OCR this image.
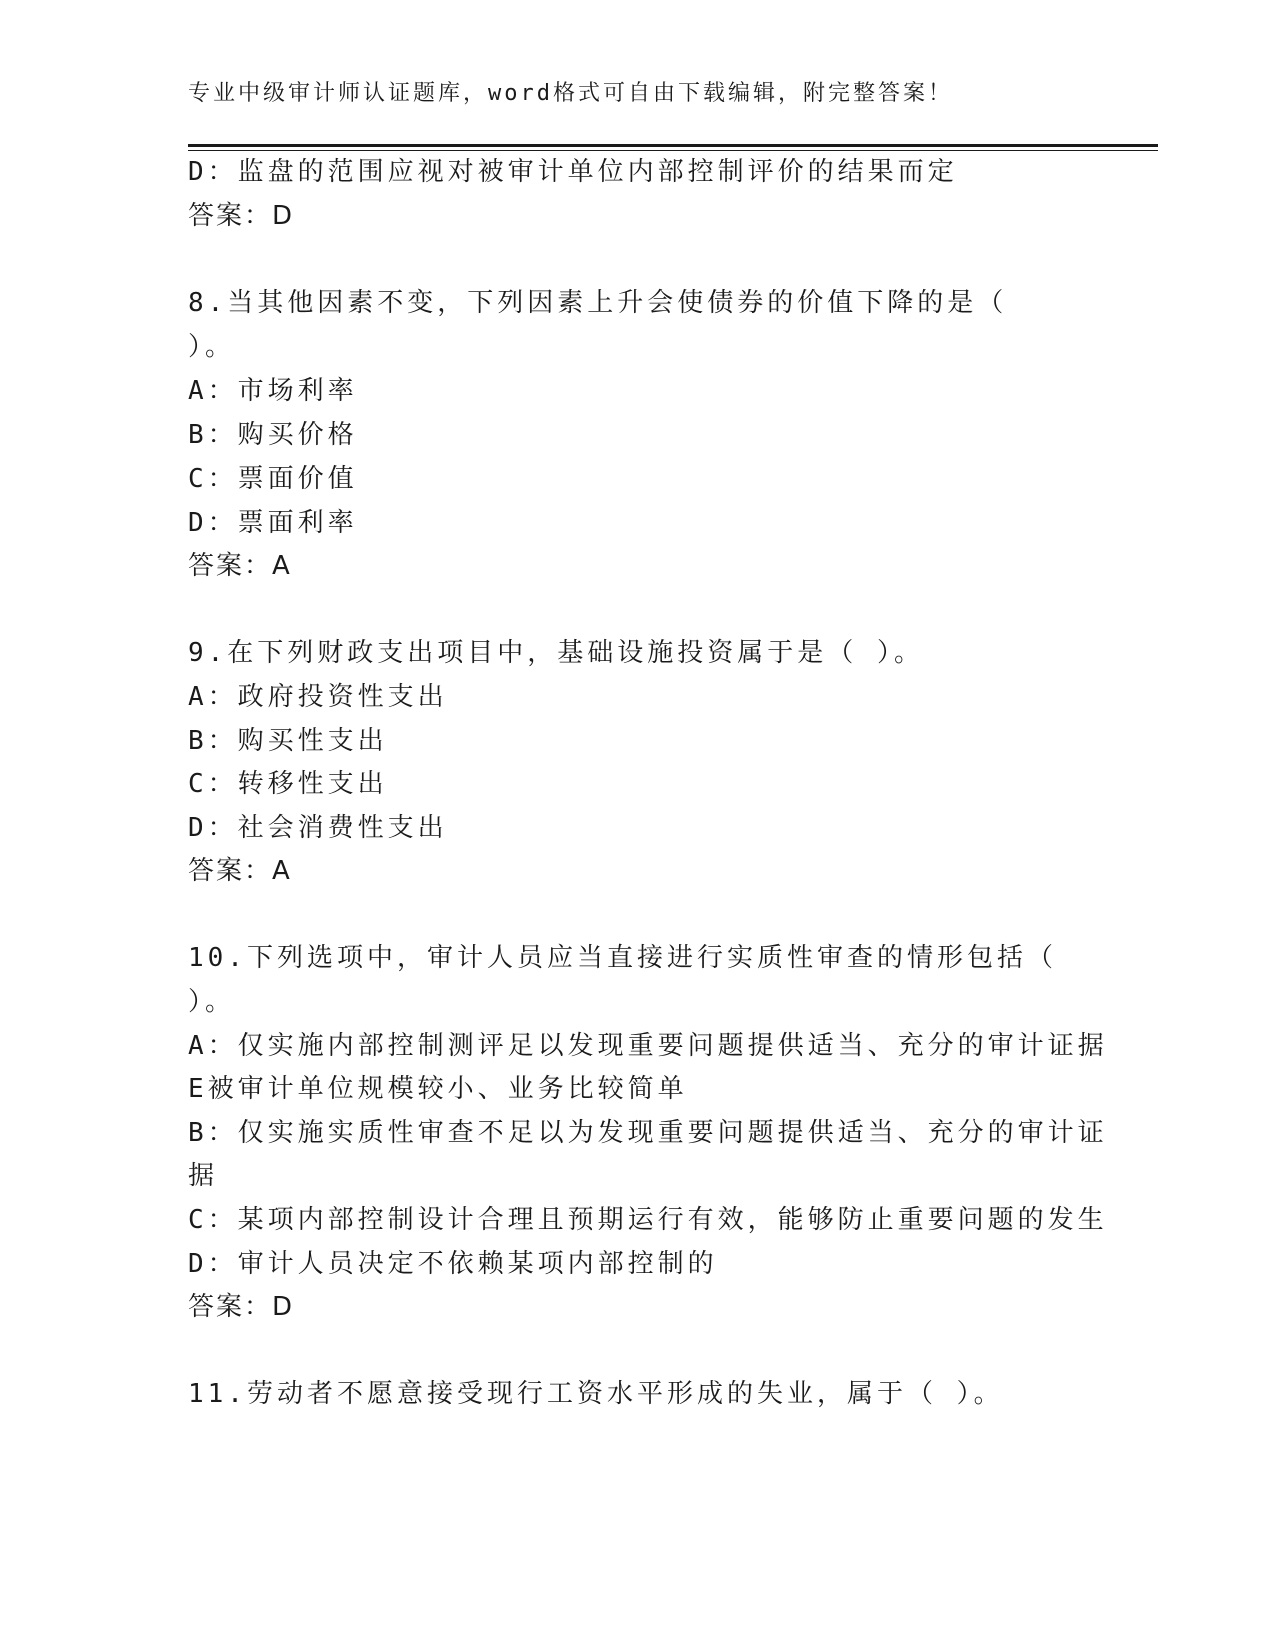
专业中级审计师认证题库，word格式可自由下载编辑，附完整答案！
D：监盘的范围应视对被审计单位内部控制评价的结果而定
答案：D
8.当其他因素不变，下列因素上升会使债券的价值下降的是（
）。
A：市场利率
B：购买价格
C：票面价值
D：票面利率
答案：A
9.在下列财政支出项目中，基础设施投资属于是（ ）。
A：政府投资性支出
B：购买性支出
C：转移性支出
D：社会消费性支出
答案：A
10.下列选项中，审计人员应当直接进行实质性审查的情形包括（
）。
A：仅实施内部控制测评足以发现重要问题提供适当、充分的审计证据
E被审计单位规模较小、业务比较简单
B：仅实施实质性审查不足以为发现重要问题提供适当、充分的审计证
据
C：某项内部控制设计合理且预期运行有效，能够防止重要问题的发生
D：审计人员决定不依赖某项内部控制的
答案：D
11.劳动者不愿意接受现行工资水平形成的失业，属于（ ）。
